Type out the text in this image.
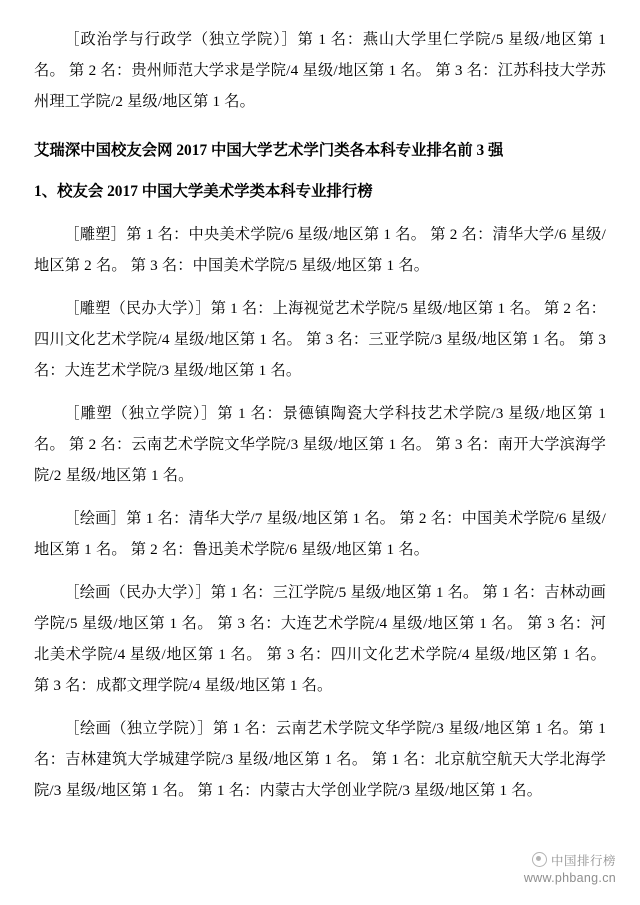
［政治学与行政学（独立学院）］第 1 名：燕山大学里仁学院/5 星级/地区第 1 名。 第 2 名：贵州师范大学求是学院/4 星级/地区第 1 名。 第 3 名：江苏科技大学苏州理工学院/2 星级/地区第 1 名。

艾瑞深中国校友会网 2017 中国大学艺术学门类各本科专业排名前 3 强
1、校友会 2017 中国大学美术学类本科专业排行榜

［雕塑］第 1 名：中央美术学院/6 星级/地区第 1 名。 第 2 名：清华大学/6 星级/地区第 2 名。 第 3 名：中国美术学院/5 星级/地区第 1 名。

［雕塑（民办大学）］第 1 名：上海视觉艺术学院/5 星级/地区第 1 名。 第 2 名：四川文化艺术学院/4 星级/地区第 1 名。 第 3 名：三亚学院/3 星级/地区第 1 名。 第 3 名：大连艺术学院/3 星级/地区第 1 名。

［雕塑（独立学院）］第 1 名：景德镇陶瓷大学科技艺术学院/3 星级/地区第 1 名。 第 2 名：云南艺术学院文华学院/3 星级/地区第 1 名。 第 3 名：南开大学滨海学院/2 星级/地区第 1 名。

［绘画］第 1 名：清华大学/7 星级/地区第 1 名。 第 2 名：中国美术学院/6 星级/地区第 1 名。 第 2 名：鲁迅美术学院/6 星级/地区第 1 名。

［绘画（民办大学）］第 1 名：三江学院/5 星级/地区第 1 名。 第 1 名：吉林动画学院/5 星级/地区第 1 名。 第 3 名：大连艺术学院/4 星级/地区第 1 名。 第 3 名：河北美术学院/4 星级/地区第 1 名。 第 3 名：四川文化艺术学院/4 星级/地区第 1 名。 第 3 名：成都文理学院/4 星级/地区第 1 名。

［绘画（独立学院）］第 1 名：云南艺术学院文华学院/3 星级/地区第 1 名。第 1 名：吉林建筑大学城建学院/3 星级/地区第 1 名。 第 1 名：北京航空航天大学北海学院/3 星级/地区第 1 名。 第 1 名：内蒙古大学创业学院/3 星级/地区第 1 名。

中国排行榜
www.phbang.cn
